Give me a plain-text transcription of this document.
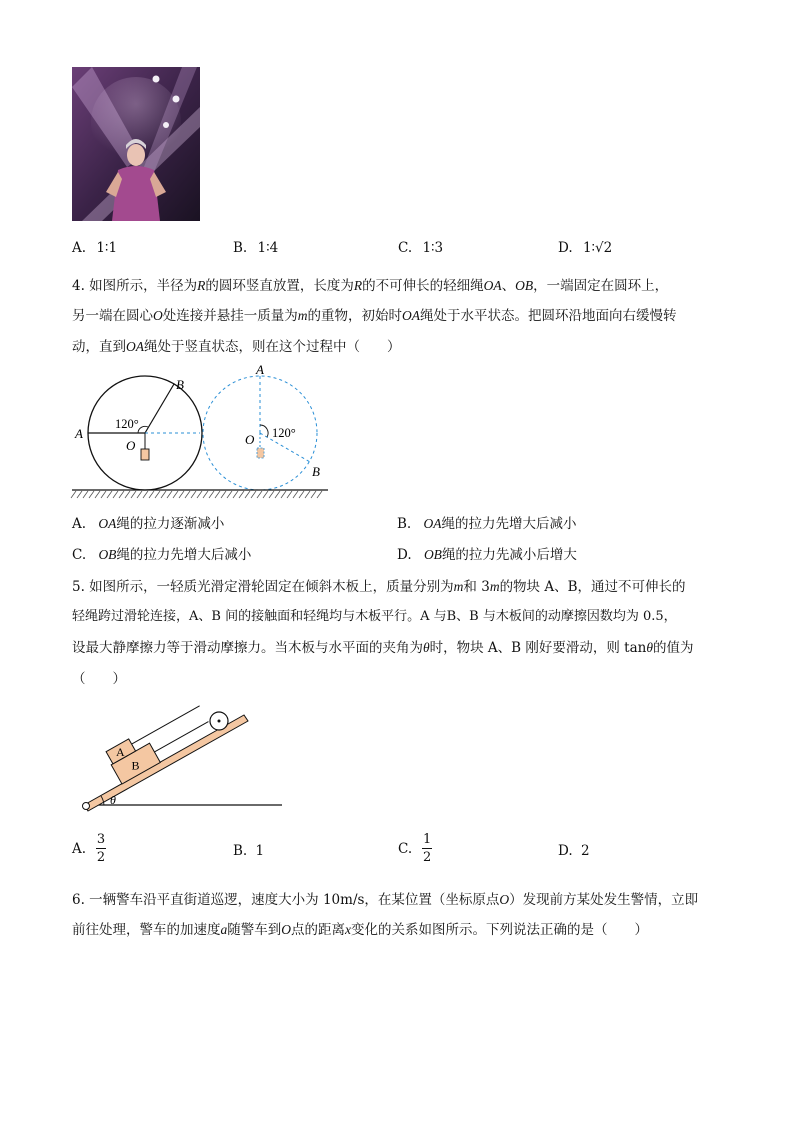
A. 1∶1	B. 1∶4	C. 1∶3	D. 1∶√2
4. 如图所示，半径为R的圆环竖直放置，长度为R的不可伸长的轻细绳OA、OB，一端固定在圆环上，
另一端在圆心O处连接并悬挂一质量为m的重物，初始时OA绳处于水平状态。把圆环沿地面向右缓慢转
动，直到OA绳处于竖直状态，则在这个过程中（　　）
A
B
O
120°
A
B
O 120°
A. OA绳的拉力逐渐减小	B. OA绳的拉力先增大后减小
C. OB绳的拉力先增大后减小	D. OB绳的拉力先减小后增大
5. 如图所示，一轻质光滑定滑轮固定在倾斜木板上，质量分别为m和 3m的物块 A、B，通过不可伸长的
轻绳跨过滑轮连接，A、B 间的接触面和轻绳均与木板平行。A 与B、B 与木板间的动摩擦因数均为 0.5，
设最大静摩擦力等于滑动摩擦力。当木板与水平面的夹角为θ时，物块 A、B 刚好要滑动，则 tanθ的值为
（　　）
θ
B
A
A. $\frac{3}{2}$	B. 1	C. $\frac{1}{2}$	D. 2
6. 一辆警车沿平直街道巡逻，速度大小为 10m/s，在某位置（坐标原点O）发现前方某处发生警情，立即
前往处理，警车的加速度a随警车到O点的距离x变化的关系如图所示。下列说法正确的是（　　）
